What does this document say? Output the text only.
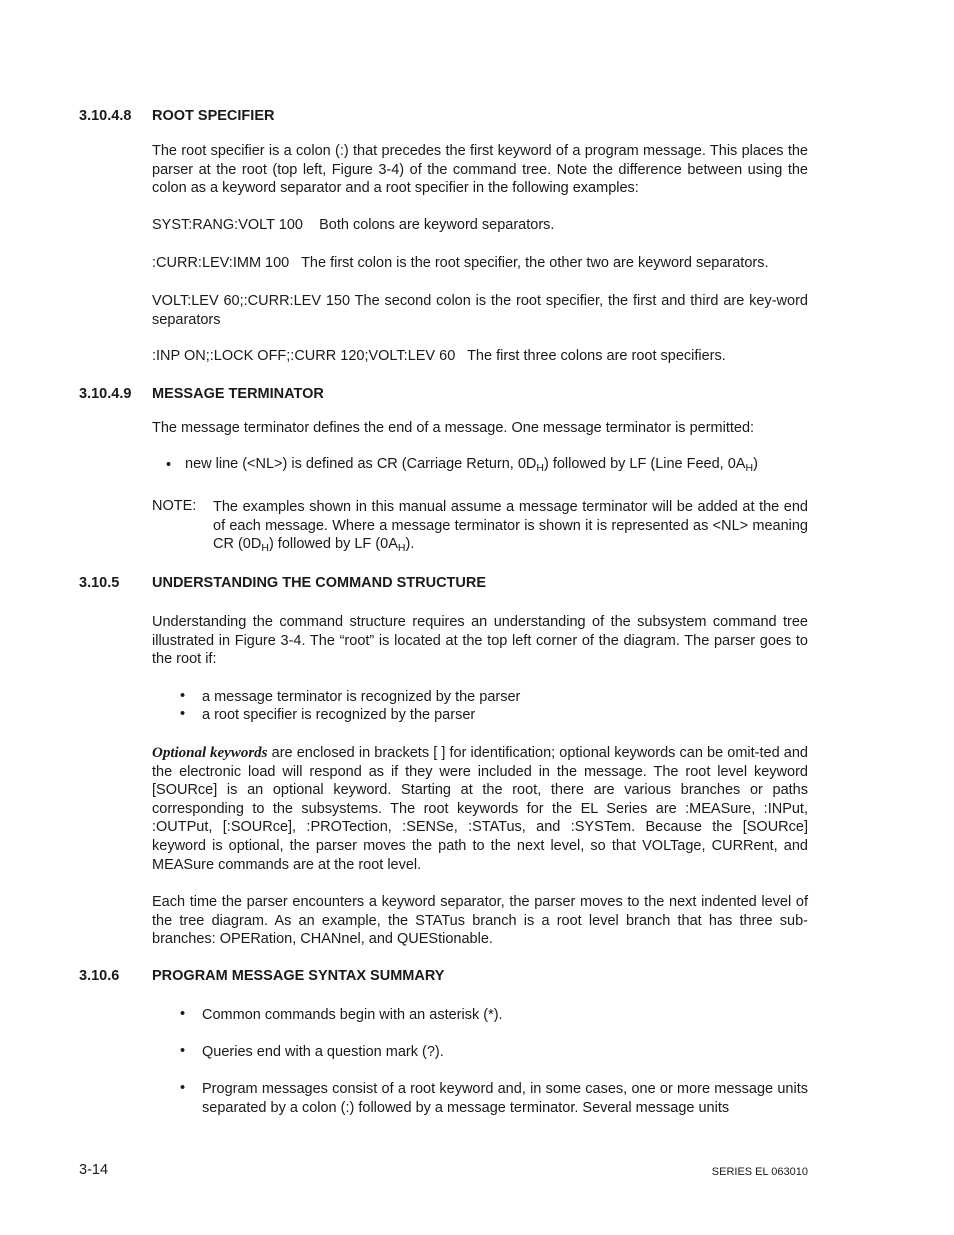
3.10.4.8 ROOT SPECIFIER
The root specifier is a colon (:) that precedes the first keyword of a program message. This places the parser at the root (top left, Figure 3-4) of the command tree. Note the difference between using the colon as a keyword separator and a root specifier in the following examples:
SYST:RANG:VOLT 100    Both colons are keyword separators.
:CURR:LEV:IMM 100   The first colon is the root specifier, the other two are keyword separators.
VOLT:LEV 60;:CURR:LEV 150 The second colon is the root specifier, the first and third are key-word separators
:INP ON;:LOCK OFF;:CURR 120;VOLT:LEV 60   The first three colons are root specifiers.
3.10.4.9 MESSAGE TERMINATOR
The message terminator defines the end of a message. One message terminator is permitted:
• new line (<NL>) is defined as CR (Carriage Return, $0D_H$) followed by LF (Line Feed, $0A_H$)
NOTE: The examples shown in this manual assume a message terminator will be added at the end of each message. Where a message terminator is shown it is represented as <NL> meaning CR $(0D_H)$ followed by LF $(0A_H)$.
3.10.5 UNDERSTANDING THE COMMAND STRUCTURE
Understanding the command structure requires an understanding of the subsystem command tree illustrated in Figure 3-4. The “root” is located at the top left corner of the diagram. The parser goes to the root if:
• a message terminator is recognized by the parser
• a root specifier is recognized by the parser
Optional keywords are enclosed in brackets [ ] for identification; optional keywords can be omit-ted and the electronic load will respond as if they were included in the message. The root level keyword [SOURce] is an optional keyword. Starting at the root, there are various branches or paths corresponding to the subsystems. The root keywords for the EL Series are :MEASure, :INPut, :OUTPut, [:SOURce], :PROTection, :SENSe, :STATus, and :SYSTem. Because the [SOURce] keyword is optional, the parser moves the path to the next level, so that VOLTage, CURRent, and MEASure commands are at the root level.
Each time the parser encounters a keyword separator, the parser moves to the next indented level of the tree diagram. As an example, the STATus branch is a root level branch that has three sub-branches: OPERation, CHANnel, and QUEStionable.
3.10.6 PROGRAM MESSAGE SYNTAX SUMMARY
• Common commands begin with an asterisk (*).
• Queries end with a question mark (?).
• Program messages consist of a root keyword and, in some cases, one or more message units separated by a colon (:) followed by a message terminator. Several message units
3-14	SERIES EL 063010
